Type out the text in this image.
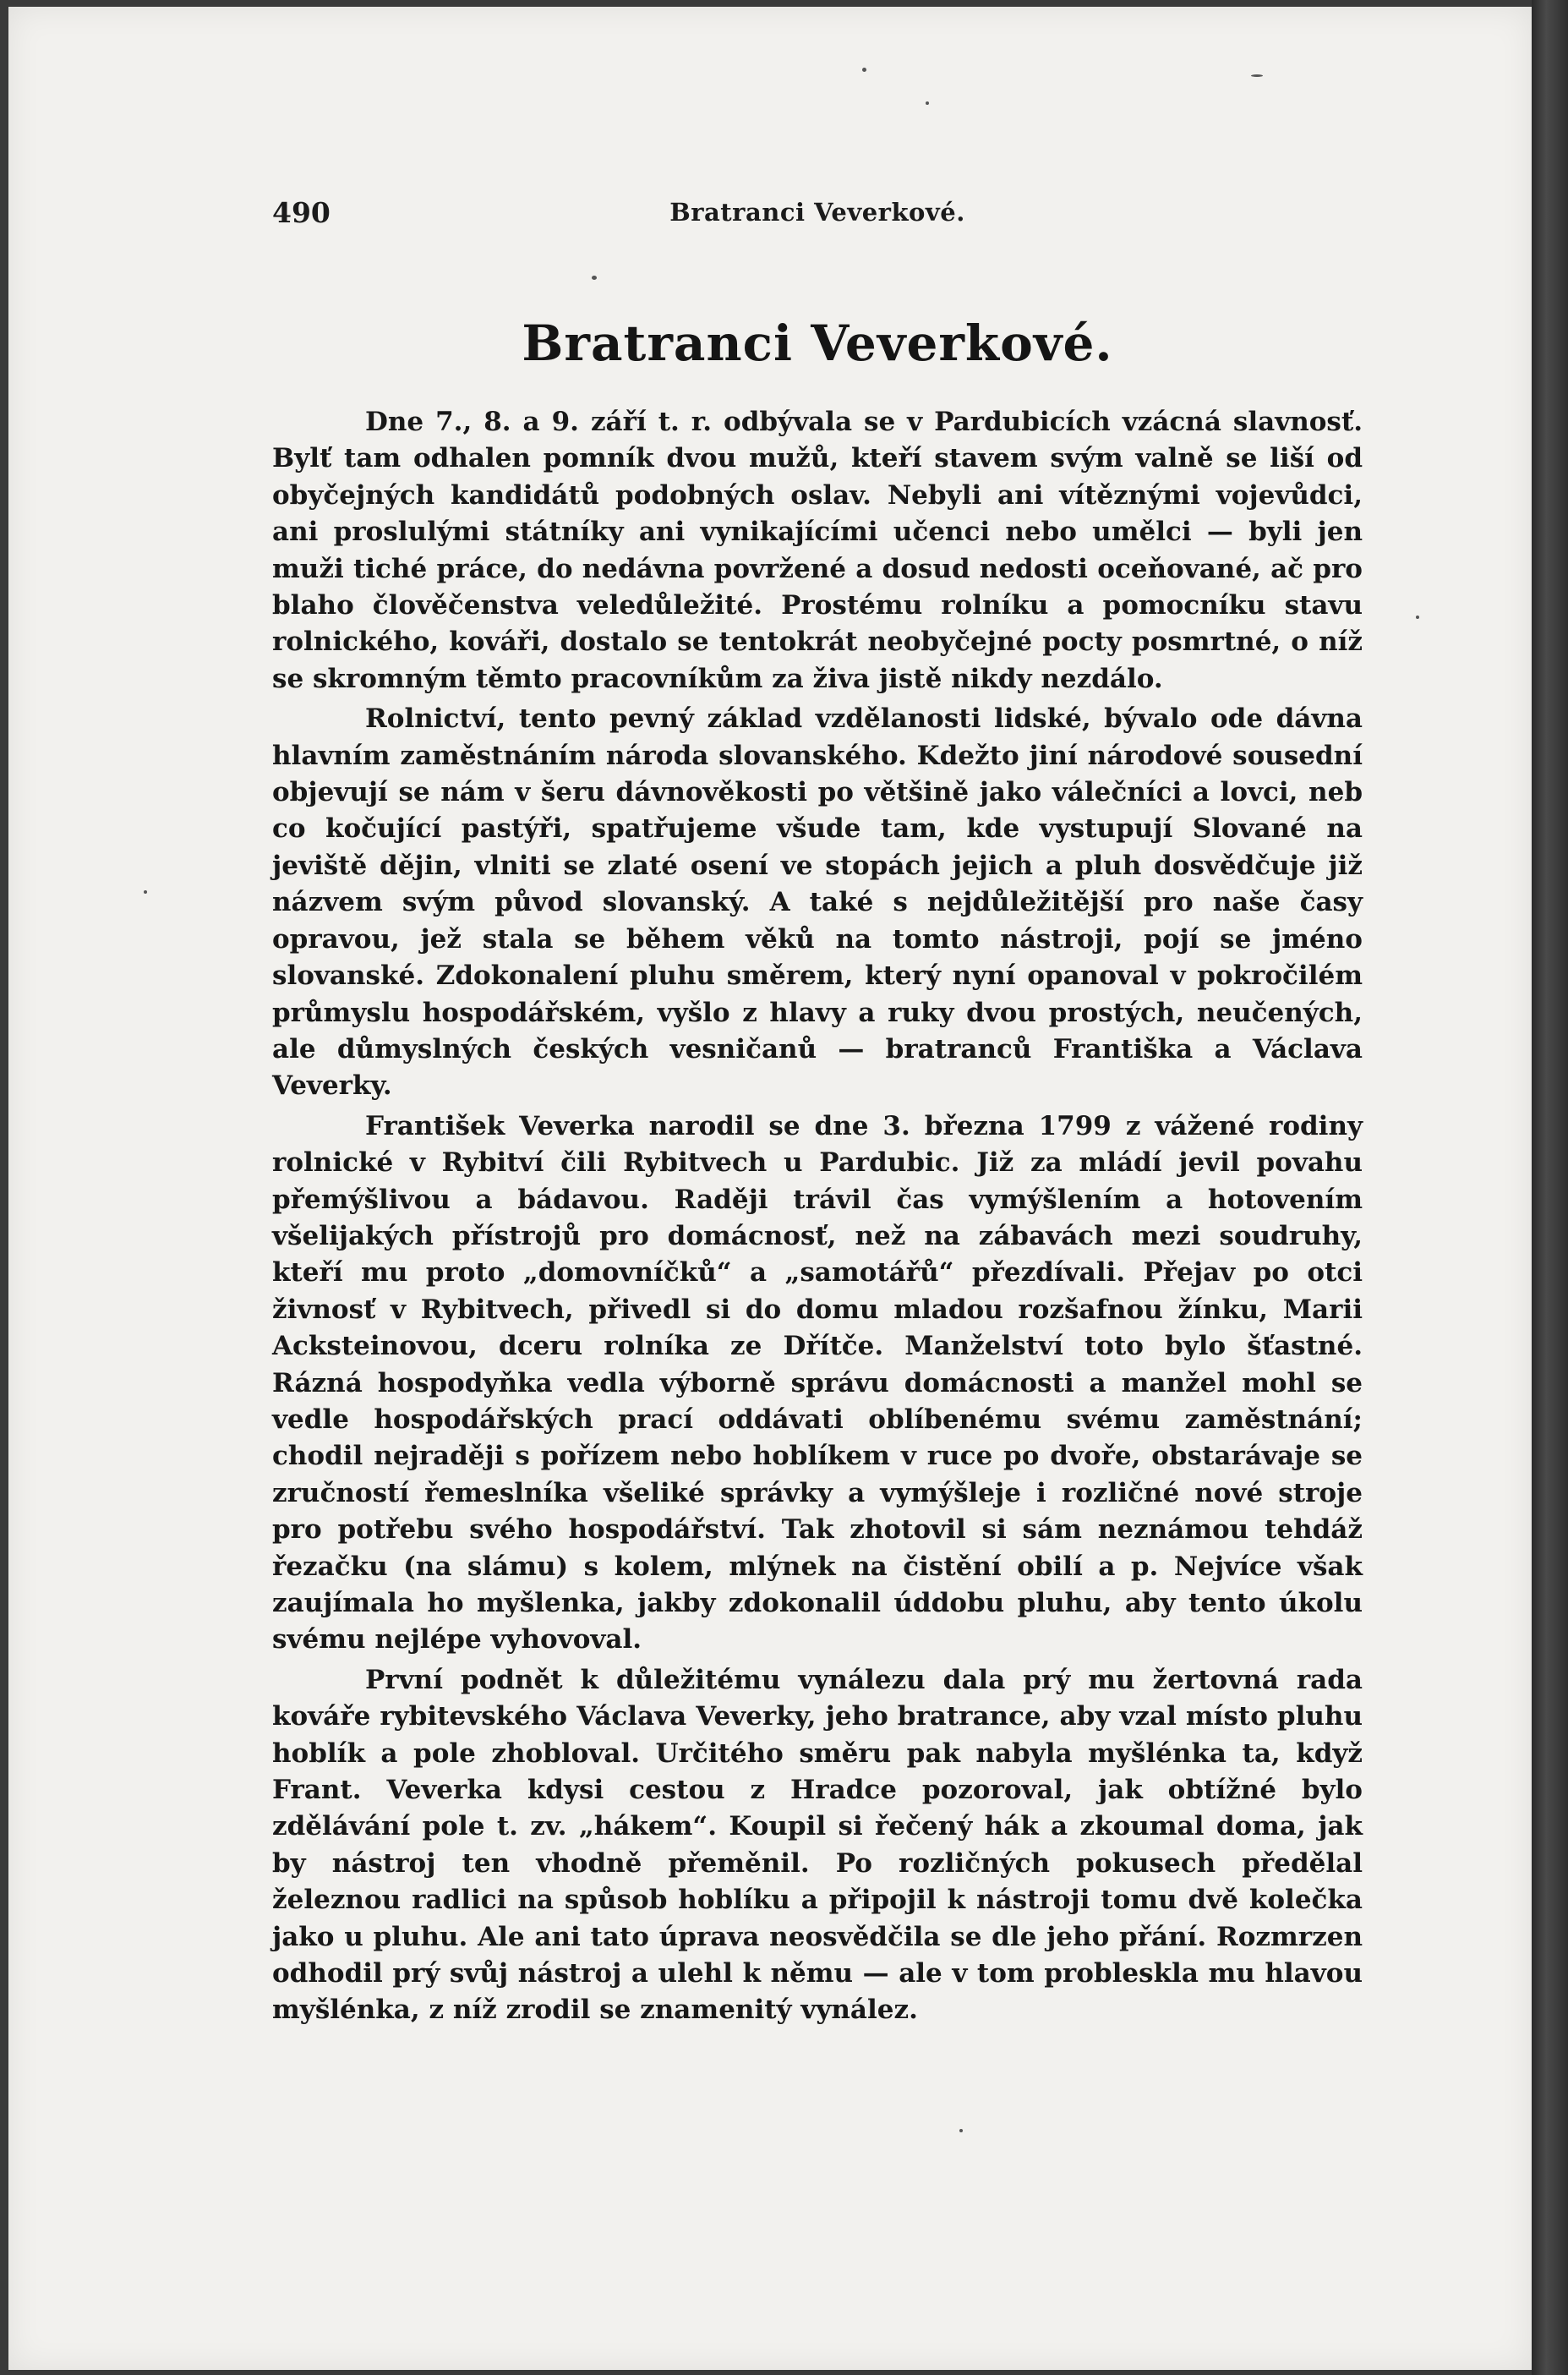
490	Bratranci Veverkové.
Bratranci Veverkové.

Dne 7., 8. a 9. září t. r. odbývala se v Pardubicích vzácná slavnosť. Bylť tam odhalen pomník dvou mužů, kteří stavem svým valně se liší od obyčejných kandidátů podobných oslav. Nebyli ani vítěznými vojevůdci, ani proslulými státníky ani vynikajícími učenci nebo umělci — byli jen muži tiché práce, do nedávna povržené a dosud nedosti oceňované, ač pro blaho člověčenstva veledůležité. Prostému rolníku a pomocníku stavu rolnického, kováři, dostalo se tentokrát neobyčejné pocty posmrtné, o níž se skromným těmto pracovníkům za živa jistě nikdy nezdálo.

Rolnictví, tento pevný základ vzdělanosti lidské, bývalo ode dávna hlavním zaměstnáním národa slovanského. Kdežto jiní národové sousední objevují se nám v šeru dávnověkosti po většině jako válečníci a lovci, neb co kočující pastýři, spatřujeme všude tam, kde vystupují Slované na jeviště dějin, vlniti se zlaté osení ve stopách jejich a pluh dosvědčuje již názvem svým původ slovanský. A také s nejdůležitější pro naše časy opravou, jež stala se během věků na tomto nástroji, pojí se jméno slovanské. Zdokonalení pluhu směrem, který nyní opanoval v pokročilém průmyslu hospodářském, vyšlo z hlavy a ruky dvou prostých, neučených, ale důmyslných českých vesničanů — bratranců Františka a Václava Veverky.

František Veverka narodil se dne 3. března 1799 z vážené rodiny rolnické v Rybitví čili Rybitvech u Pardubic. Již za mládí jevil povahu přemýšlivou a bádavou. Raději trávil čas vymýšlením a hotovením všelijakých přístrojů pro domácnosť, než na zábavách mezi soudruhy, kteří mu proto „domovníčků“ a „samotářů“ přezdívali. Přejav po otci živnosť v Rybitvech, přivedl si do domu mladou rozšafnou žínku, Marii Acksteinovou, dceru rolníka ze Dřítče. Manželství toto bylo šťastné. Rázná hospodyňka vedla výborně správu domácnosti a manžel mohl se vedle hospodářských prací oddávati oblíbenému svému zaměstnání; chodil nejraději s pořízem nebo hoblíkem v ruce po dvoře, obstarávaje se zručností řemeslníka všeliké správky a vymýšleje i rozličné nové stroje pro potřebu svého hospodářství. Tak zhotovil si sám neznámou tehdáž řezačku (na slámu) s kolem, mlýnek na čistění obilí a p. Nejvíce však zaujímala ho myšlenka, jakby zdokonalil úddobu pluhu, aby tento úkolu svému nejlépe vyhovoval.

První podnět k důležitému vynálezu dala prý mu žertovná rada kováře rybitevského Václava Veverky, jeho bratrance, aby vzal místo pluhu hoblík a pole zhobloval. Určitého směru pak nabyla myšlénka ta, když Frant. Veverka kdysi cestou z Hradce pozoroval, jak obtížné bylo zdělávání pole t. zv. „hákem“. Koupil si řečený hák a zkoumal doma, jak by nástroj ten vhodně přeměnil. Po rozličných pokusech předělal železnou radlici na spůsob hoblíku a připojil k nástroji tomu dvě kolečka jako u pluhu. Ale ani tato úprava neosvědčila se dle jeho přání. Rozmrzen odhodil prý svůj nástroj a ulehl k němu — ale v tom probleskla mu hlavou myšlénka, z níž zrodil se znamenitý vynález.
